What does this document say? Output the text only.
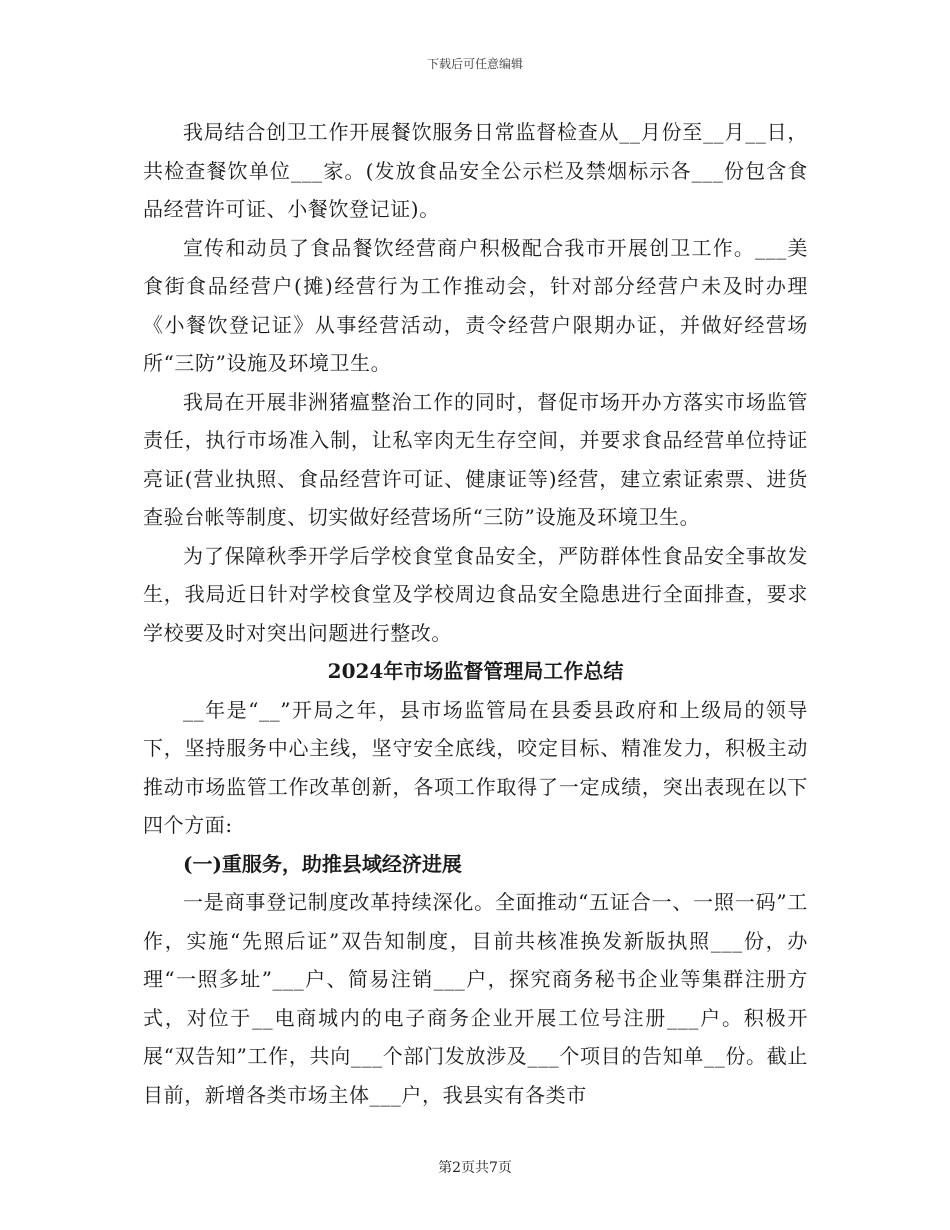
下载后可任意编辑

我局结合创卫工作开展餐饮服务日常监督检查从__月份至__月__日，共检查餐饮单位___家。(发放食品安全公示栏及禁烟标示各___份包含食品经营许可证、小餐饮登记证)。

宣传和动员了食品餐饮经营商户积极配合我市开展创卫工作。___美食街食品经营户(摊)经营行为工作推动会，针对部分经营户未及时办理《小餐饮登记证》从事经营活动，责令经营户限期办证，并做好经营场所“三防”设施及环境卫生。

我局在开展非洲猪瘟整治工作的同时，督促市场开办方落实市场监管责任，执行市场准入制，让私宰肉无生存空间，并要求食品经营单位持证亮证(营业执照、食品经营许可证、健康证等)经营，建立索证索票、进货查验台帐等制度、切实做好经营场所“三防”设施及环境卫生。

为了保障秋季开学后学校食堂食品安全，严防群体性食品安全事故发生，我局近日针对学校食堂及学校周边食品安全隐患进行全面排查，要求学校要及时对突出问题进行整改。

2024年市场监督管理局工作总结

__年是“__”开局之年，县市场监管局在县委县政府和上级局的领导下，坚持服务中心主线，坚守安全底线，咬定目标、精准发力，积极主动推动市场监管工作改革创新，各项工作取得了一定成绩，突出表现在以下四个方面:

(一)重服务，助推县域经济进展

一是商事登记制度改革持续深化。全面推动“五证合一、一照一码”工作，实施“先照后证”双告知制度，目前共核准换发新版执照___份，办理“一照多址”___户、简易注销___户，探究商务秘书企业等集群注册方式，对位于__电商城内的电子商务企业开展工位号注册___户。积极开展“双告知”工作，共向___个部门发放涉及___个项目的告知单__份。截止目前，新增各类市场主体___户，我县实有各类市

第2页共7页
